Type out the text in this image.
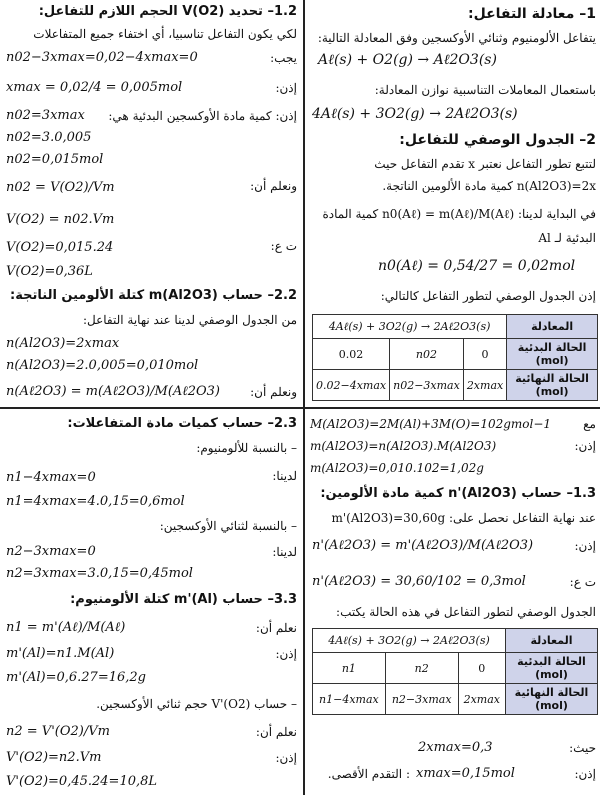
1– معادلة التفاعل:
يتفاعل الألومنيوم وثنائي الأوكسجين وفق المعادلة التالية:
Aℓ(s) + O2(g) → Aℓ2O3(s)
باستعمال المعاملات التناسبية نوازن المعادلة:
4Aℓ(s) + 3O2(g) → 2Aℓ2O3(s)
2– الجدول الوصفي للتفاعل:
لتتبع تطور التفاعل نعتبر x تقدم التفاعل حيث
n(Al2O3)=2x كمية مادة الألومين الناتجة.
في البداية لدينا: n0(Aℓ) = m(Aℓ)/M(Aℓ) كمية المادة
البدئية لـ Al
n0(Aℓ) = 0,54/27 = 0,02mol
إذن الجدول الوصفي لتطور التفاعل كالتالي:
4Aℓ(s) + 3O2(g) → 2Aℓ2O3(s)			المعادلة
0.02	n02	0	الحالة البدئية (mol)
0.02−4xmax	n02−3xmax	2xmax	الحالة النهائية (mol)
1.2– تحديد V(O2) الحجم اللازم للتفاعل:
لكي يكون التفاعل تناسبيا، أي اختفاء جميع المتفاعلات
يجب:
n02−3xmax=0,02−4xmax=0
إذن:
xmax = 0,02/4 = 0,005mol
إذن: كمية مادة الأوكسجين البدئية هي:
n02=3xmax
n02=3.0,005
n02=0,015mol
ونعلم أن:
n02 = V(O2)/Vm
V(O2) = n02.Vm
ت ع:
V(O2)=0,015.24
V(O2)=0,36L
2.2– حساب m(Al2O3) كتلة الألومين الناتجة:
من الجدول الوصفي لدينا عند نهاية التفاعل:
n(Al2O3)=2xmax
n(Al2O3)=2.0,005=0,010mol
ونعلم أن:
n(Aℓ2O3) = m(Aℓ2O3)/M(Aℓ2O3)
2.3– حساب كميات مادة المتفاعلات:
– بالنسبة للألومنيوم:
لدينا:
n1−4xmax=0
n1=4xmax=4.0,15=0,6mol
– بالنسبة لثنائي الأوكسجين:
لدينا:
n2−3xmax=0
n2=3xmax=3.0,15=0,45mol
3.3– حساب m'(Al) كتلة الألومنيوم:
نعلم أن:
n1 = m'(Aℓ)/M(Aℓ)
إذن:
m'(Al)=n1.M(Al)
m'(Al)=0,6.27=16,2g
– حساب V'(O2) حجم ثنائي الأوكسجين.
نعلم أن:
n2 = V'(O2)/Vm
إذن:
V'(O2)=n2.Vm
V'(O2)=0,45.24=10,8L
مع
M(Al2O3)=2M(Al)+3M(O)=102gmol−1
إذن:
m(Al2O3)=n(Al2O3).M(Al2O3)
m(Al2O3)=0,010.102=1,02g
1.3– حساب n'(Al2O3) كمية مادة الألومين:
عند نهاية التفاعل نحصل على: m'(Al2O3)=30,60g
إذن:
n'(Aℓ2O3) = m'(Aℓ2O3)/M(Aℓ2O3)
ت ع:
n'(Aℓ2O3) = 30,60/102 = 0,3mol
الجدول الوصفي لتطور التفاعل في هذه الحالة يكتب:
4Aℓ(s) + 3O2(g) → 2Aℓ2O3(s)			المعادلة
n1	n2	0	الحالة البدئية (mol)
n1−4xmax	n2−3xmax	2xmax	الحالة النهائية (mol)
حيث:
2xmax=0,3
إذن:
xmax=0,15mol
: التقدم الأقصى.
